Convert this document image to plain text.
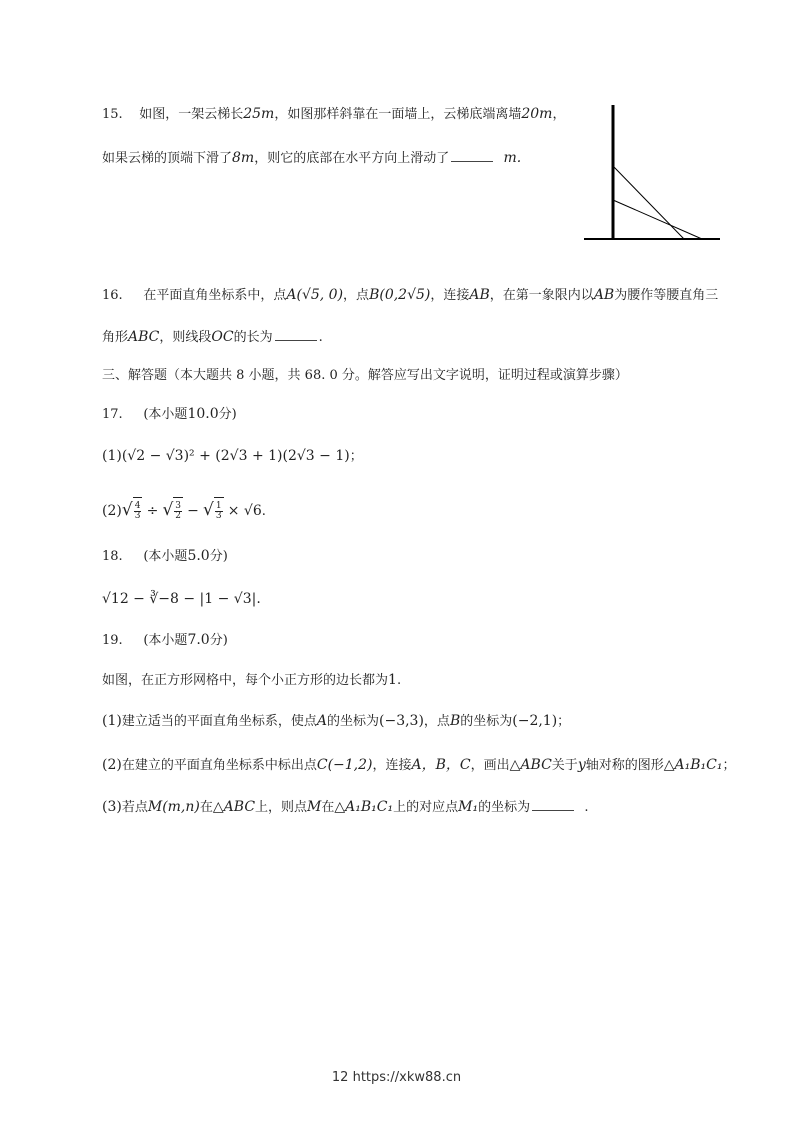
15. 如图，一架云梯长25m，如图那样斜靠在一面墙上，云梯底端离墙20m，
如果云梯的顶端下滑了8m，则它的底部在水平方向上滑动了	m.
16. 在平面直角坐标系中，点A(√5, 0)，点B(0,2√5)，连接AB，在第一象限内以AB为腰作等腰直角三
角形ABC，则线段OC的长为	.
三、解答题（本大题共 8 小题，共 68. 0 分。解答应写出文字说明，证明过程或演算步骤）
17. (本小题10.0分)
(1)(√2 − √3)² + (2√3 + 1)(2√3 − 1)；
$(2)√ \frac{4}{3}$ ÷ √ $\frac{3}{2}$ − √ $\frac{1}{3} \times √6$.
18. (本小题5.0分)
√12 − ∛−8 − |1 − √3|.
19. (本小题7.0分)
如图，在正方形网格中，每个小正方形的边长都为1.
(1)建立适当的平面直角坐标系，使点A的坐标为(−3,3)，点B的坐标为(−2,1)；
(2)在建立的平面直角坐标系中标出点C(−1,2)，连接A，B，C，画出△ABC关于y轴对称的图形△A₁B₁C₁；
(3)若点M(m,n)在△ABC上，则点M在△A₁B₁C₁上的对应点M₁的坐标为	.
12 https://xkw88.cn
